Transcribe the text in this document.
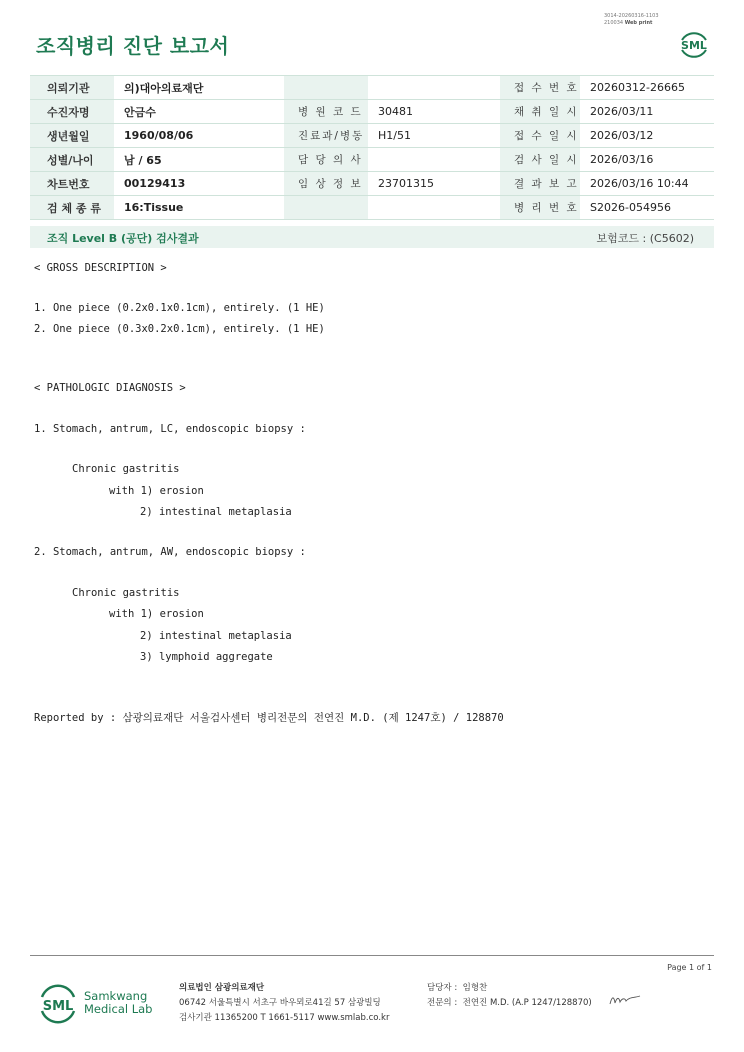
3014-20260316-1103
210034 Web print
조직병리 진단 보고서	SML
의뢰기관	의)대아의료재단			접 수 번 호	20260312-26665
수진자명	안금수	병 원 코 드	30481	채 취 일 시	2026/03/11
생년월일	1960/08/06	진료과/병동	H1/51	접 수 일 시	2026/03/12
성별/나이	남 / 65	담 당 의 사		검 사 일 시	2026/03/16
차트번호	00129413	임 상 정 보	23701315	결 과 보 고	2026/03/16 10:44
검 체 종 류	16:Tissue			병 리 번 호	S2026-054956
조직 Level B (공단) 검사결과	보험코드 : (C5602)
< GROSS DESCRIPTION >
1. One piece (0.2x0.1x0.1cm), entirely. (1 HE)
2. One piece (0.3x0.2x0.1cm), entirely. (1 HE)
< PATHOLOGIC DIAGNOSIS >
1. Stomach, antrum, LC, endoscopic biopsy :
Chronic gastritis
with 1) erosion
2) intestinal metaplasia
2. Stomach, antrum, AW, endoscopic biopsy :
Chronic gastritis
with 1) erosion
2) intestinal metaplasia
3) lymphoid aggregate
Reported by : 삼광의료재단 서울검사센터 병리전문의 전연진 M.D. (제 1247호) / 128870
Page 1 of 1
SML
Samkwang
Medical Lab
의료법인 삼광의료재단
06742 서울특별시 서초구 바우뫼로41길 57 삼광빌딩
검사기관 11365200 T 1661-5117 www.smlab.co.kr
담당자 : 임형찬
전문의 : 전연진 M.D. (A.P 1247/128870)
